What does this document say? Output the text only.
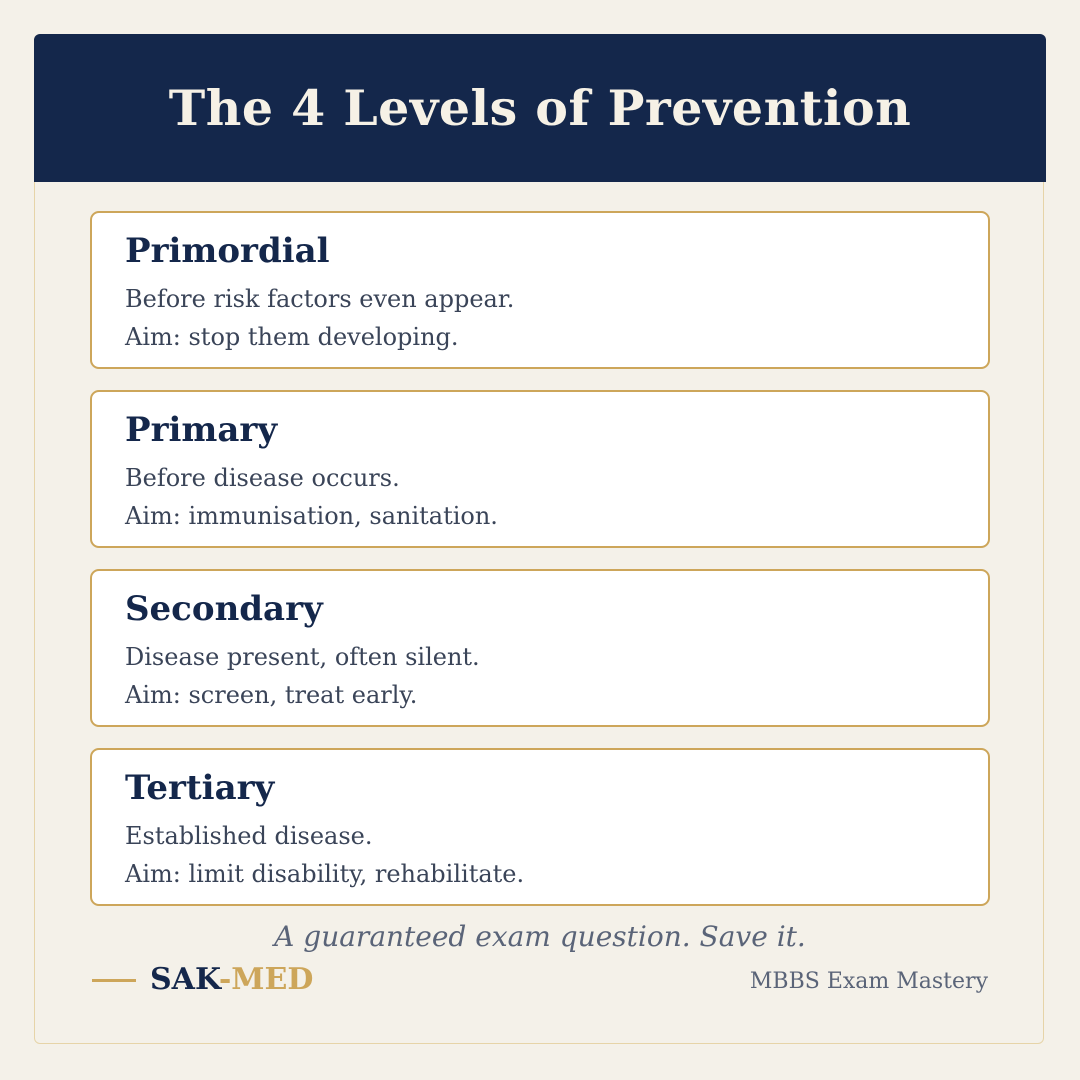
The 4 Levels of Prevention
Primordial
Before risk factors even appear.
Aim: stop them developing.
Primary
Before disease occurs.
Aim: immunisation, sanitation.
Secondary
Disease present, often silent.
Aim: screen, treat early.
Tertiary
Established disease.
Aim: limit disability, rehabilitate.
A guaranteed exam question. Save it.
SAK-MED	MBBS Exam Mastery
